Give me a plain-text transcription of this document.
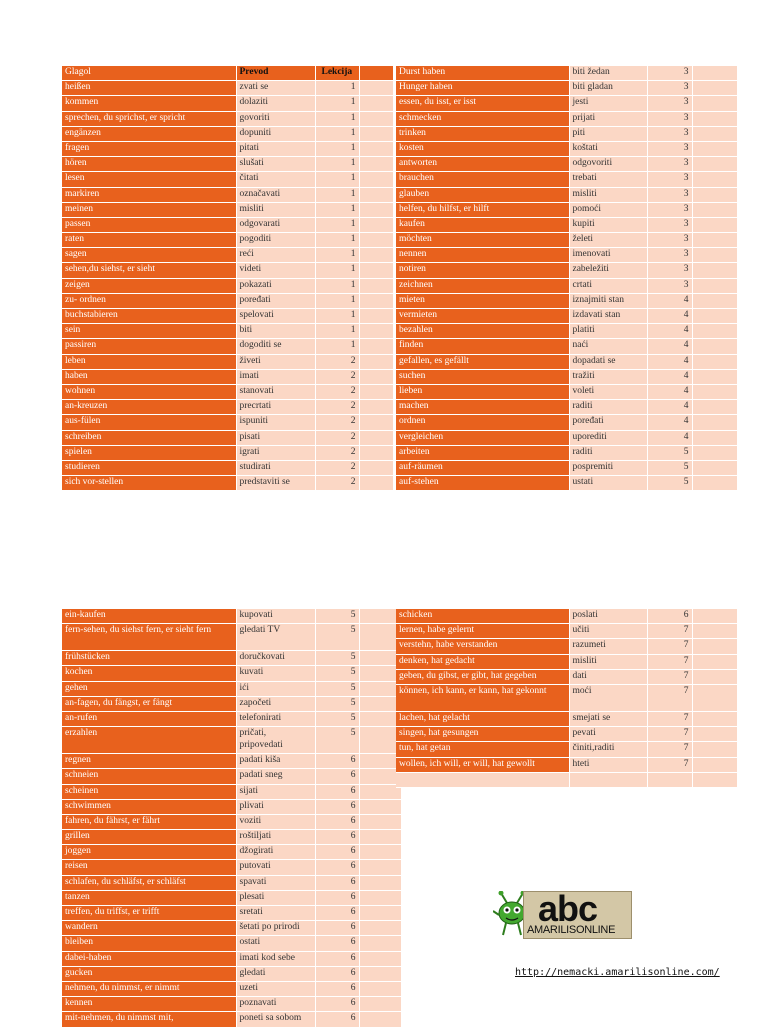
Glagol	Prevod	Lekcija	
heißen	zvati se	1	
kommen	dolaziti	1	
sprechen, du sprichst, er spricht	govoriti	1	
engänzen	dopuniti	1	
fragen	pitati	1	
hören	slušati	1	
lesen	čitati	1	
markiren	označavati	1	
meinen	misliti	1	
passen	odgovarati	1	
raten	pogoditi	1	
sagen	reći	1	
sehen,du siehst, er sieht	videti	1	
zeigen	pokazati	1	
zu- ordnen	poređati	1	
buchstabieren	spelovati	1	
sein	biti	1	
passiren	dogoditi se	1	
leben	živeti	2	
haben	imati	2	
wohnen	stanovati	2	
an-kreuzen	precrtati	2	
aus-fülen	ispuniti	2	
schreiben	pisati	2	
spielen	igrati	2	
studieren	studirati	2	
sich vor-stellen	predstaviti se	2	
Durst haben	biti žedan	3	
Hunger haben	biti gladan	3	
essen, du isst, er isst	jesti	3	
schmecken	prijati	3	
trinken	piti	3	
kosten	koštati	3	
antworten	odgovoriti	3	
brauchen	trebati	3	
glauben	misliti	3	
helfen, du hilfst, er hilft	pomoći	3	
kaufen	kupiti	3	
möchten	želeti	3	
nennen	imenovati	3	
notiren	zabeležiti	3	
zeichnen	crtati	3	
mieten	iznajmiti stan	4	
vermieten	izdavati stan	4	
bezahlen	platiti	4	
finden	naći	4	
gefallen, es gefällt	dopadati se	4	
suchen	tražiti	4	
lieben	voleti	4	
machen	raditi	4	
ordnen	poređati	4	
vergleichen	uporediti	4	
arbeiten	raditi	5	
auf-räumen	pospremiti	5	
auf-stehen	ustati	5	
ein-kaufen	kupovati	5	
fern-sehen, du siehst fern, er sieht fern	gledati TV	5	
frühstücken	doručkovati	5	
kochen	kuvati	5	
gehen	ići	5	
an-fagen, du fängst, er fängt	započeti	5	
an-rufen	telefonirati	5	
erzahlen	pričati, pripovedati	5	
regnen	padati kiša	6	
schneien	padati sneg	6	
scheinen	sijati	6	
schwimmen	plivati	6	
fahren, du fährst, er fährt	voziti	6	
grillen	roštiljati	6	
joggen	džogirati	6	
reisen	putovati	6	
schlafen, du schläfst, er schläfst	spavati	6	
tanzen	plesati	6	
treffen, du triffst, er trifft	sretati	6	
wandern	šetati po prirodi	6	
bleiben	ostati	6	
dabei-haben	imati kod sebe	6	
gucken	gledati	6	
nehmen, du nimmst, er nimmt	uzeti	6	
kennen	poznavati	6	
mit-nehmen, du nimmst mit,	poneti sa sobom	6	
schicken	poslati	6	
lernen, habe gelernt	učiti	7	
verstehn, habe verstanden	razumeti	7	
denken, hat gedacht	misliti	7	
geben, du gibst, er gibt, hat gegeben	dati	7	
können, ich kann, er kann, hat gekonnt	moći	7	
lachen, hat gelacht	smejati se	7	
singen, hat gesungen	pevati	7	
tun, hat getan	činiti,raditi	7	
wollen, ich will, er will, hat gewollt	hteti	7	

abc
AMARILISONLINE
http://nemacki.amarilisonline.com/
